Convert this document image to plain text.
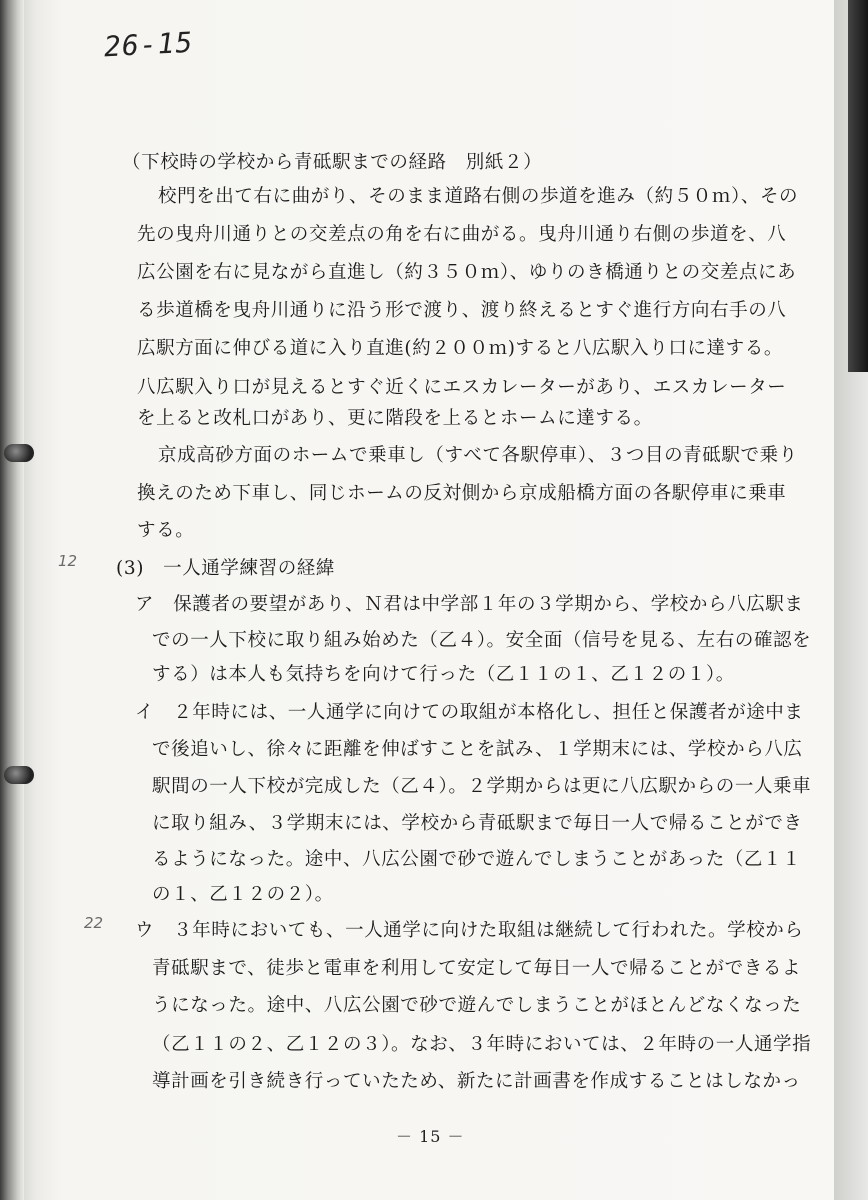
26-15
12
22
（下校時の学校から青砥駅までの経路　別紙２）
校門を出て右に曲がり、そのまま道路右側の歩道を進み（約５０ｍ）、その
先の曳舟川通りとの交差点の角を右に曲がる。曳舟川通り右側の歩道を、八
広公園を右に見ながら直進し（約３５０ｍ）、ゆりのき橋通りとの交差点にあ
る歩道橋を曳舟川通りに沿う形で渡り、渡り終えるとすぐ進行方向右手の八
広駅方面に伸びる道に入り直進(約２００ｍ)すると八広駅入り口に達する。
八広駅入り口が見えるとすぐ近くにエスカレーターがあり、エスカレーター
を上ると改札口があり、更に階段を上るとホームに達する。
京成高砂方面のホームで乗車し（すべて各駅停車）、３つ目の青砥駅で乗り
換えのため下車し、同じホームの反対側から京成船橋方面の各駅停車に乗車
する。
(3)　一人通学練習の経緯
ア　保護者の要望があり、Ｎ君は中学部１年の３学期から、学校から八広駅ま
での一人下校に取り組み始めた（乙４）。安全面（信号を見る、左右の確認を
する）は本人も気持ちを向けて行った（乙１１の１、乙１２の１）。
イ　２年時には、一人通学に向けての取組が本格化し、担任と保護者が途中ま
で後追いし、徐々に距離を伸ばすことを試み、１学期末には、学校から八広
駅間の一人下校が完成した（乙４）。２学期からは更に八広駅からの一人乗車
に取り組み、３学期末には、学校から青砥駅まで毎日一人で帰ることができ
るようになった。途中、八広公園で砂で遊んでしまうことがあった（乙１１
の１、乙１２の２）。
ウ　３年時においても、一人通学に向けた取組は継続して行われた。学校から
青砥駅まで、徒歩と電車を利用して安定して毎日一人で帰ることができるよ
うになった。途中、八広公園で砂で遊んでしまうことがほとんどなくなった
（乙１１の２、乙１２の３）。なお、３年時においては、２年時の一人通学指
導計画を引き続き行っていたため、新たに計画書を作成することはしなかっ
－ 15 －
